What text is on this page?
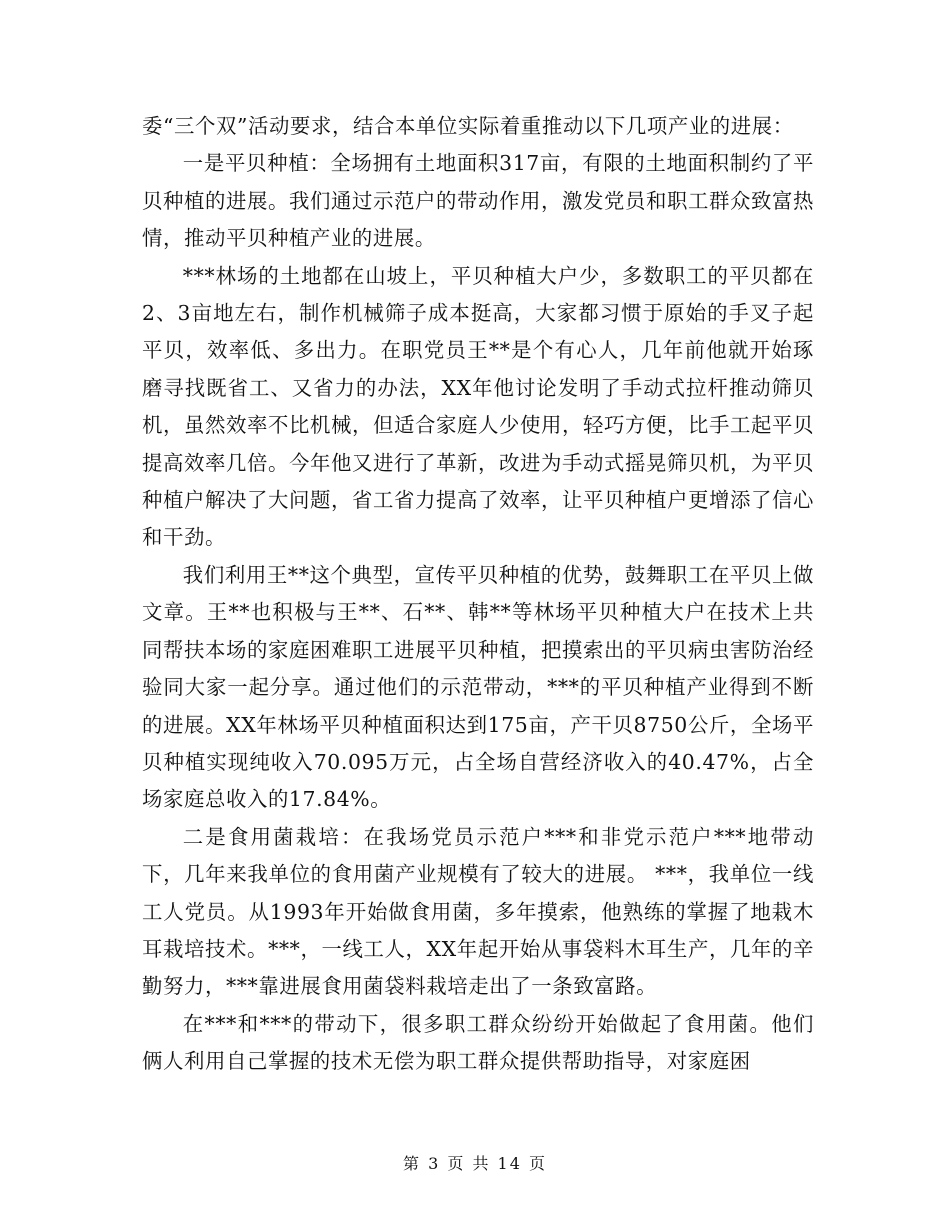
委“三个双”活动要求，结合本单位实际着重推动以下几项产业的进展：

一是平贝种植：全场拥有土地面积317亩，有限的土地面积制约了平贝种植的进展。我们通过示范户的带动作用，激发党员和职工群众致富热情，推动平贝种植产业的进展。

***林场的土地都在山坡上，平贝种植大户少，多数职工的平贝都在2、3亩地左右，制作机械筛子成本挺高，大家都习惯于原始的手叉子起平贝，效率低、多出力。在职党员王**是个有心人，几年前他就开始琢磨寻找既省工、又省力的办法，XX年他讨论发明了手动式拉杆推动筛贝机，虽然效率不比机械，但适合家庭人少使用，轻巧方便，比手工起平贝提高效率几倍。今年他又进行了革新，改进为手动式摇晃筛贝机，为平贝种植户解决了大问题，省工省力提高了效率，让平贝种植户更增添了信心和干劲。

我们利用王**这个典型，宣传平贝种植的优势，鼓舞职工在平贝上做文章。王**也积极与王**、石**、韩**等林场平贝种植大户在技术上共同帮扶本场的家庭困难职工进展平贝种植，把摸索出的平贝病虫害防治经验同大家一起分享。通过他们的示范带动，***的平贝种植产业得到不断的进展。XX年林场平贝种植面积达到175亩，产干贝8750公斤，全场平贝种植实现纯收入70.095万元，占全场自营经济收入的40.47%，占全场家庭总收入的17.84%。

二是食用菌栽培：在我场党员示范户***和非党示范户***地带动下，几年来我单位的食用菌产业规模有了较大的进展。 ***，我单位一线工人党员。从1993年开始做食用菌，多年摸索，他熟练的掌握了地栽木耳栽培技术。***，一线工人，XX年起开始从事袋料木耳生产，几年的辛勤努力，***靠进展食用菌袋料栽培走出了一条致富路。

在***和***的带动下，很多职工群众纷纷开始做起了食用菌。他们俩人利用自己掌握的技术无偿为职工群众提供帮助指导，对家庭困

第 3 页 共 14 页
